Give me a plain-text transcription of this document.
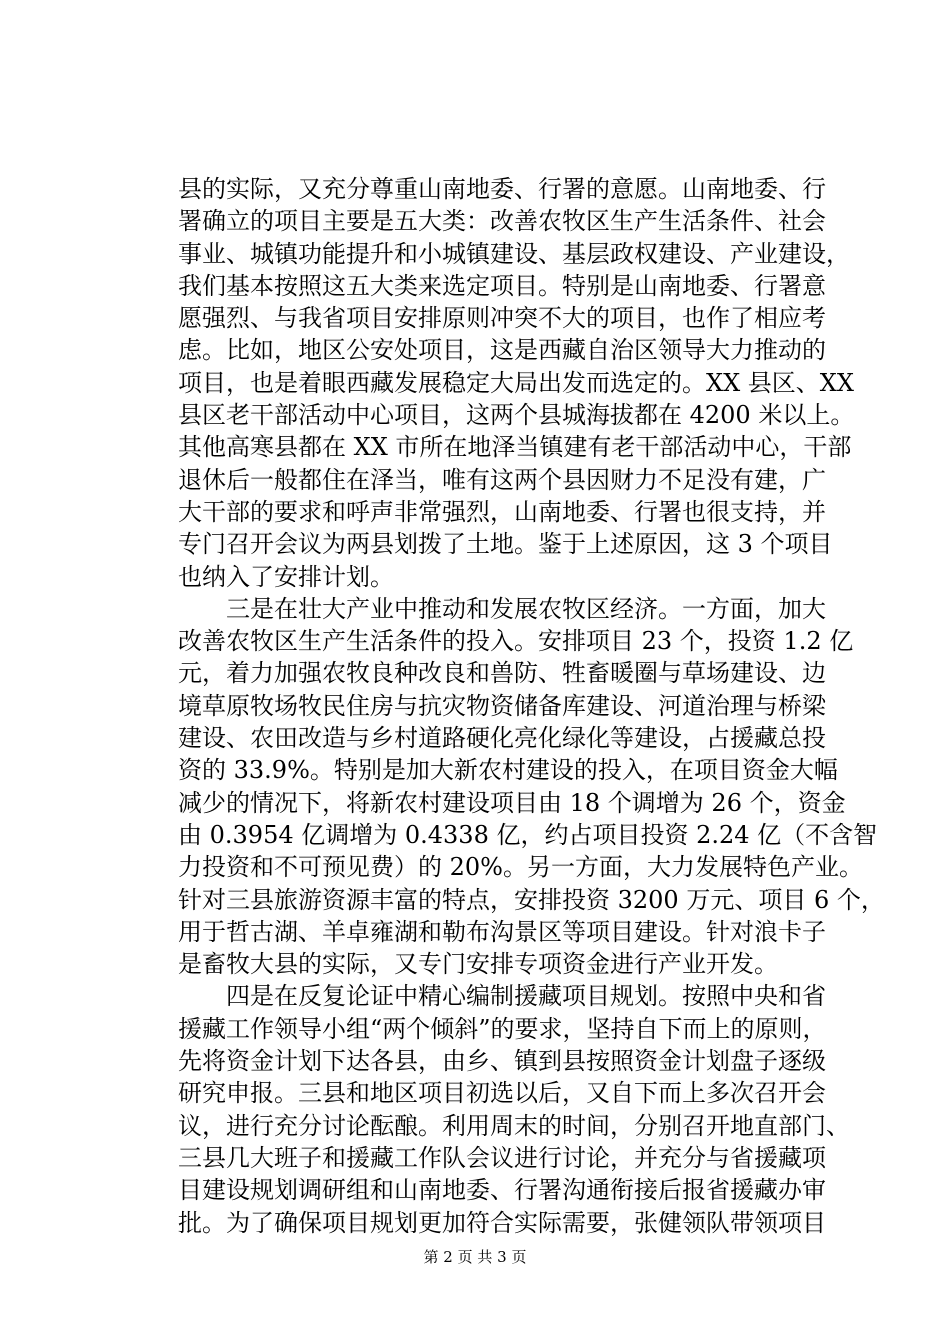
县的实际，又充分尊重山南地委、行署的意愿。山南地委、行
署确立的项目主要是五大类：改善农牧区生产生活条件、社会
事业、城镇功能提升和小城镇建设、基层政权建设、产业建设，
我们基本按照这五大类来选定项目。特别是山南地委、行署意
愿强烈、与我省项目安排原则冲突不大的项目，也作了相应考
虑。比如，地区公安处项目，这是西藏自治区领导大力推动的
项目，也是着眼西藏发展稳定大局出发而选定的。XX 县区、XX
县区老干部活动中心项目，这两个县城海拔都在 4200 米以上。
其他高寒县都在 XX 市所在地泽当镇建有老干部活动中心，干部
退休后一般都住在泽当，唯有这两个县因财力不足没有建，广
大干部的要求和呼声非常强烈，山南地委、行署也很支持，并
专门召开会议为两县划拨了土地。鉴于上述原因，这 3 个项目
也纳入了安排计划。
　　三是在壮大产业中推动和发展农牧区经济。一方面，加大
改善农牧区生产生活条件的投入。安排项目 23 个，投资 1.2 亿
元，着力加强农牧良种改良和兽防、牲畜暖圈与草场建设、边
境草原牧场牧民住房与抗灾物资储备库建设、河道治理与桥梁
建设、农田改造与乡村道路硬化亮化绿化等建设，占援藏总投
资的 33.9%。特别是加大新农村建设的投入，在项目资金大幅
减少的情况下，将新农村建设项目由 18 个调增为 26 个，资金
由 0.3954 亿调增为 0.4338 亿，约占项目投资 2.24 亿（不含智
力投资和不可预见费）的 20%。另一方面，大力发展特色产业。
针对三县旅游资源丰富的特点，安排投资 3200 万元、项目 6 个，
用于哲古湖、羊卓雍湖和勒布沟景区等项目建设。针对浪卡子
是畜牧大县的实际，又专门安排专项资金进行产业开发。
　　四是在反复论证中精心编制援藏项目规划。按照中央和省
援藏工作领导小组“两个倾斜”的要求，坚持自下而上的原则，
先将资金计划下达各县，由乡、镇到县按照资金计划盘子逐级
研究申报。三县和地区项目初选以后，又自下而上多次召开会
议，进行充分讨论酝酿。利用周末的时间，分别召开地直部门、
三县几大班子和援藏工作队会议进行讨论，并充分与省援藏项
目建设规划调研组和山南地委、行署沟通衔接后报省援藏办审
批。为了确保项目规划更加符合实际需要，张健领队带领项目
第 2 页 共 3 页
